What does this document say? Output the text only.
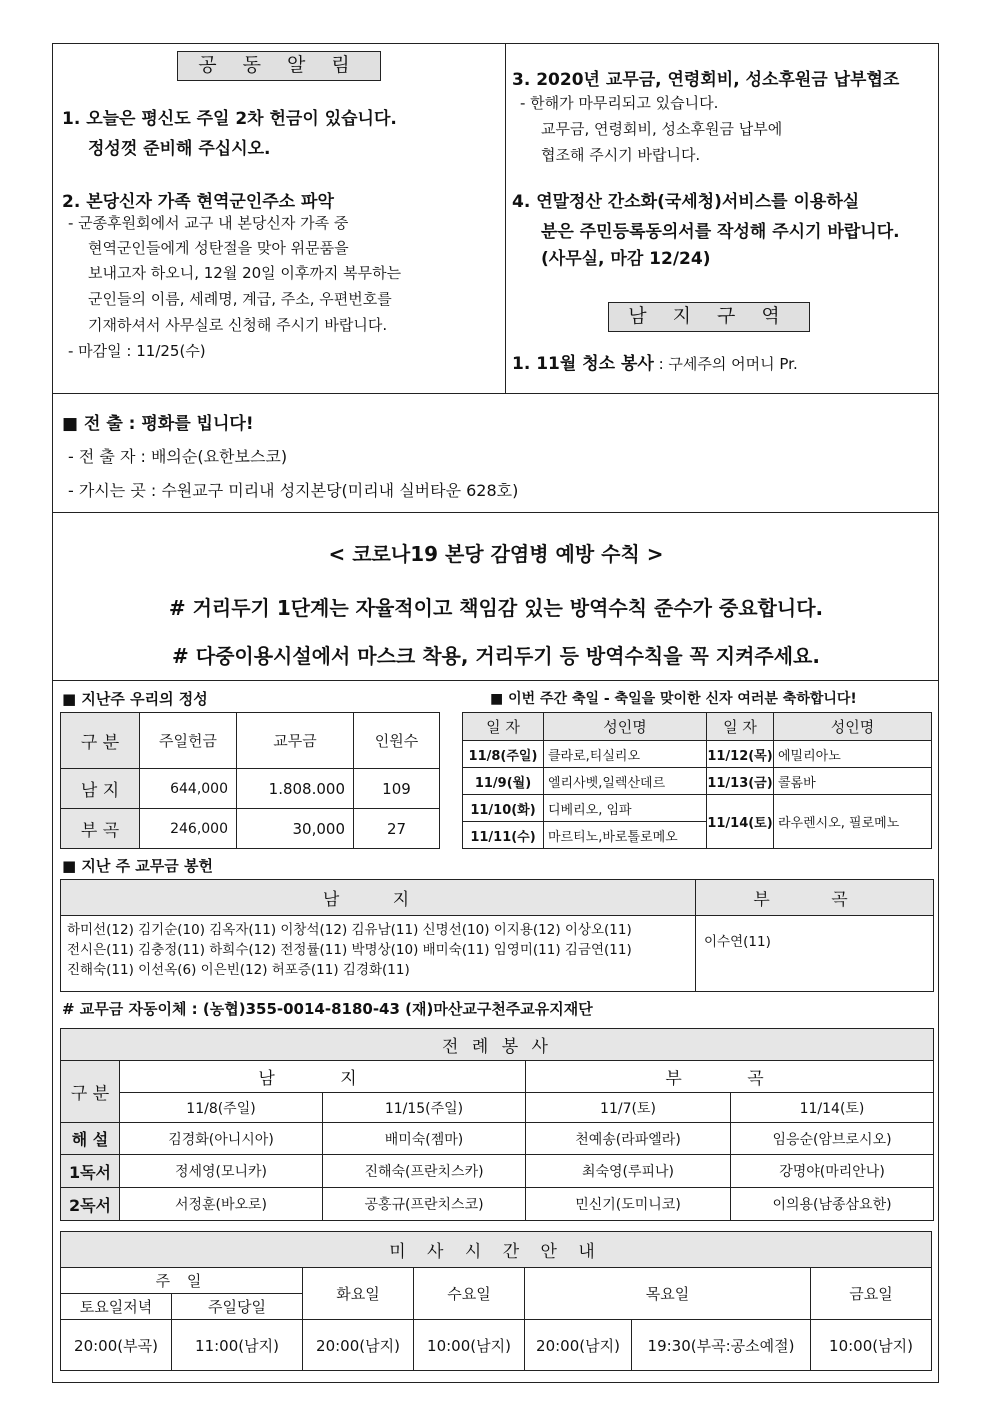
공 동 알 림
1. 오늘은 평신도 주일 2차 헌금이 있습니다.
정성껏 준비해 주십시오.
2. 본당신자 가족 현역군인주소 파악
- 군종후원회에서 교구 내 본당신자 가족 중
현역군인들에게 성탄절을 맞아 위문품을
보내고자 하오니, 12월 20일 이후까지 복무하는
군인들의 이름, 세례명, 계급, 주소, 우편번호를
기재하셔서 사무실로 신청해 주시기 바랍니다.
- 마감일 : 11/25(수)
3. 2020년 교무금, 연령회비, 성소후원금 납부협조
- 한해가 마무리되고 있습니다.
교무금, 연령회비, 성소후원금 납부에
협조해 주시기 바랍니다.
4. 연말정산 간소화(국세청)서비스를 이용하실
분은 주민등록동의서를 작성해 주시기 바랍니다.
(사무실, 마감 12/24)
남 지 구 역
1. 11월 청소 봉사 : 구세주의 어머니 Pr.
■ 전 출 : 평화를 빕니다!
- 전 출 자 : 배의순(요한보스코)
- 가시는 곳 : 수원교구 미리내 성지본당(미리내 실버타운 628호)
< 코로나19 본당 감염병 예방 수칙 >
# 거리두기 1단계는 자율적이고 책임감 있는 방역수칙 준수가 중요합니다.
# 다중이용시설에서 마스크 착용, 거리두기 등 방역수칙을 꼭 지켜주세요.
■ 지난주 우리의 정성
구 분	주일헌금	교무금	인원수
남 지	644,000	1.808.000	109
부 곡	246,000	30,000	27
■ 이번 주간 축일 - 축일을 맞이한 신자 여러분 축하합니다!
일 자	성인명	일 자	성인명
11/8(주일)	클라로,티실리오	11/12(목)	에밀리아노
11/9(월)	엘리사벳,일렉산데르	11/13(금)	콜롬바
11/10(화)	디베리오, 임파	11/14(토)	라우렌시오, 필로메노
11/11(수)	마르티노,바로톨로메오		
■ 지난 주 교무금 봉헌
남 지	부 곡

하미선(12) 김기순(10) 김옥자(11) 이창석(12) 김유남(11) 신명선(10) 이지용(12) 이상오(11)
전시은(11) 김충정(11) 하희수(12) 전정률(11) 박명상(10) 배미숙(11) 임영미(11) 김금연(11)
진해숙(11) 이선옥(6) 이은빈(12) 허포증(11) 김경화(11)	이수연(11)
# 교무금 자동이체 : (농협)355-0014-8180-43 (재)마산교구천주교유지재단
전 례 봉 사				
구 분	남 지		부 곡	
	11/8(주일)	11/15(주일)	11/7(토)	11/14(토)
해 설	김경화(아니시아)	배미숙(젬마)	천예송(라파엘라)	임응순(암브로시오)
1독서	정세영(모니카)	진해숙(프란치스카)	최숙영(루피나)	강명야(마리안나)
2독서	서정훈(바오로)	공홍규(프란치스코)	민신기(도미니코)	이의용(남종삼요한)
미 사 시 간 안 내						
주 일		화요일	수요일	목요일		금요일
토요일저녁	주일당일					
20:00(부곡)	11:00(남지)	20:00(남지)	10:00(남지)	20:00(남지)	19:30(부곡:공소예절)	10:00(남지)
